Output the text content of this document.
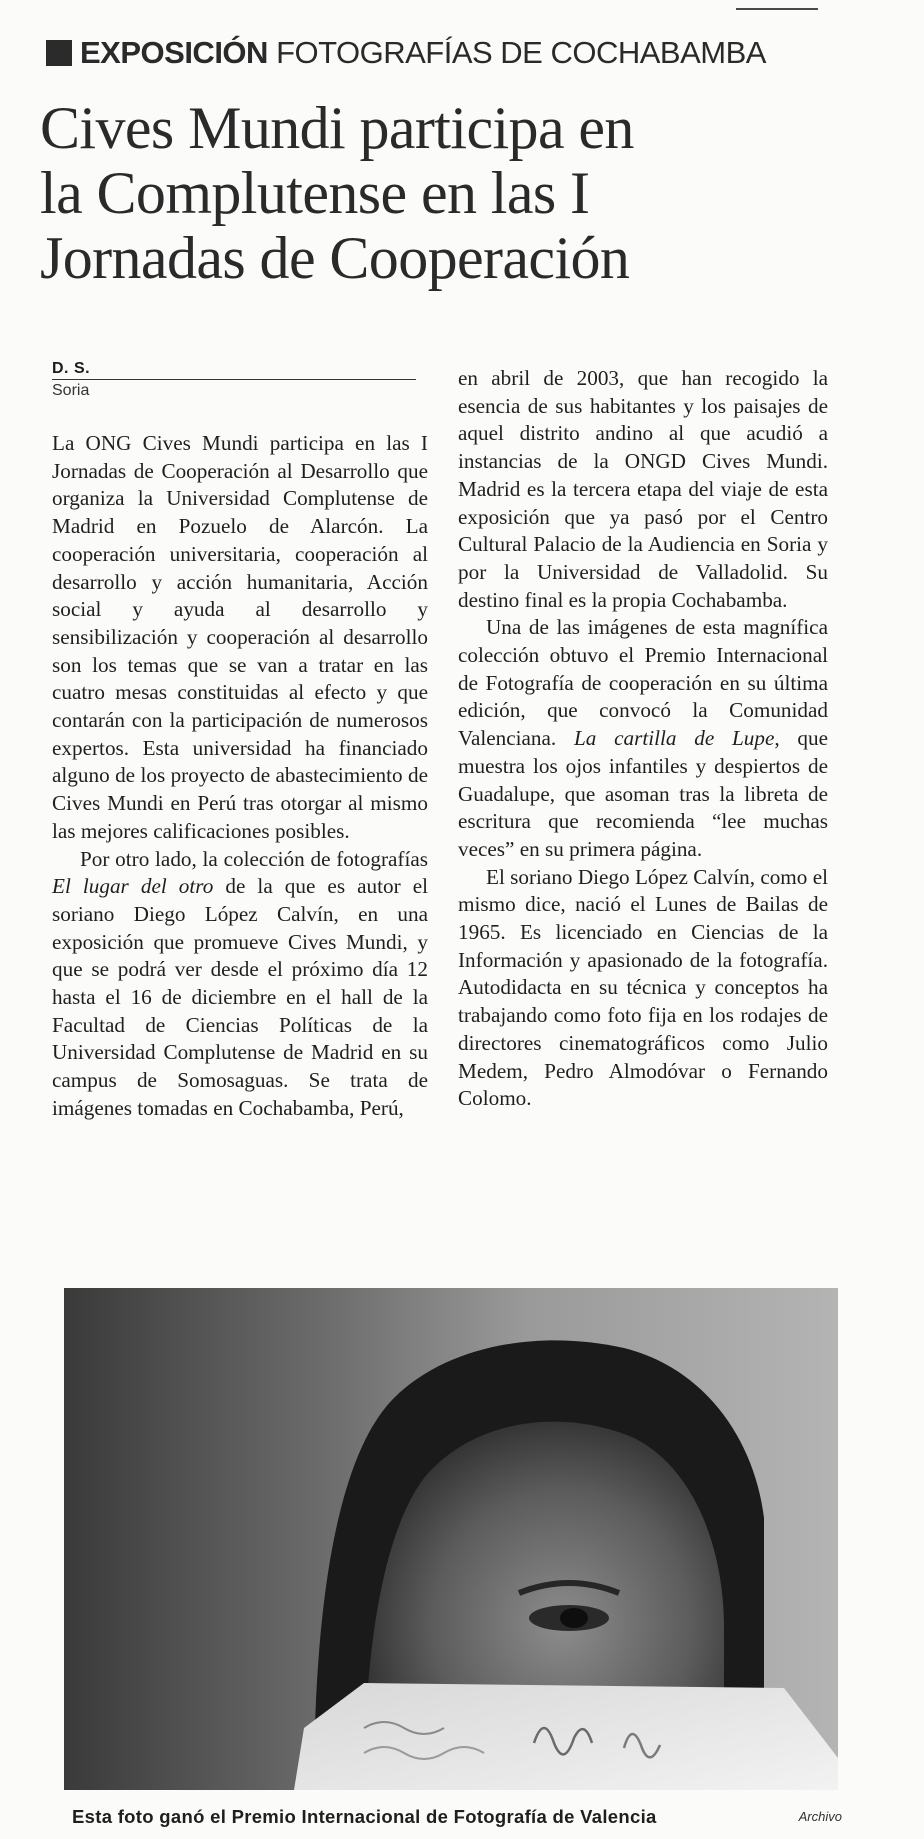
EXPOSICIÓN FOTOGRAFÍAS DE COCHABAMBA
Cives Mundi participa en
la Complutense en las I
Jornadas de Cooperación
D. S.
Soria

La ONG Cives Mundi participa en las I Jornadas de Cooperación al Desarrollo que organiza la Universidad Complutense de Madrid en Pozuelo de Alarcón. La cooperación universitaria, cooperación al desarrollo y acción humanitaria, Acción social y ayuda al desarrollo y sensibilización y cooperación al desarrollo son los temas que se van a tratar en las cuatro mesas constituidas al efecto y que contarán con la participación de numerosos expertos. Esta universidad ha financiado alguno de los proyecto de abastecimiento de Cives Mundi en Perú tras otorgar al mismo las mejores calificaciones posibles.

Por otro lado, la colección de fotografías El lugar del otro de la que es autor el soriano Diego López Calvín, en una exposición que promueve Cives Mundi, y que se podrá ver desde el próximo día 12 hasta el 16 de diciembre en el hall de la Facultad de Ciencias Políticas de la Universidad Complutense de Madrid en su campus de Somosaguas. Se trata de imágenes tomadas en Cochabamba, Perú,

en abril de 2003, que han recogido la esencia de sus habitantes y los paisajes de aquel distrito andino al que acudió a instancias de la ONGD Cives Mundi. Madrid es la tercera etapa del viaje de esta exposición que ya pasó por el Centro Cultural Palacio de la Audiencia en Soria y por la Universidad de Valladolid. Su destino final es la propia Cochabamba.

Una de las imágenes de esta magnífica colección obtuvo el Premio Internacional de Fotografía de cooperación en su última edición, que convocó la Comunidad Valenciana. La cartilla de Lupe, que muestra los ojos infantiles y despiertos de Guadalupe, que asoman tras la libreta de escritura que recomienda “lee muchas veces” en su primera página.

El soriano Diego López Calvín, como el mismo dice, nació el Lunes de Bailas de 1965. Es licenciado en Ciencias de la Información y apasionado de la fotografía. Autodidacta en su técnica y conceptos ha trabajando como foto fija en los rodajes de directores cinematográficos como Julio Medem, Pedro Almodóvar o Fernando Colomo.

Esta foto ganó el Premio Internacional de Fotografía de Valencia	Archivo
